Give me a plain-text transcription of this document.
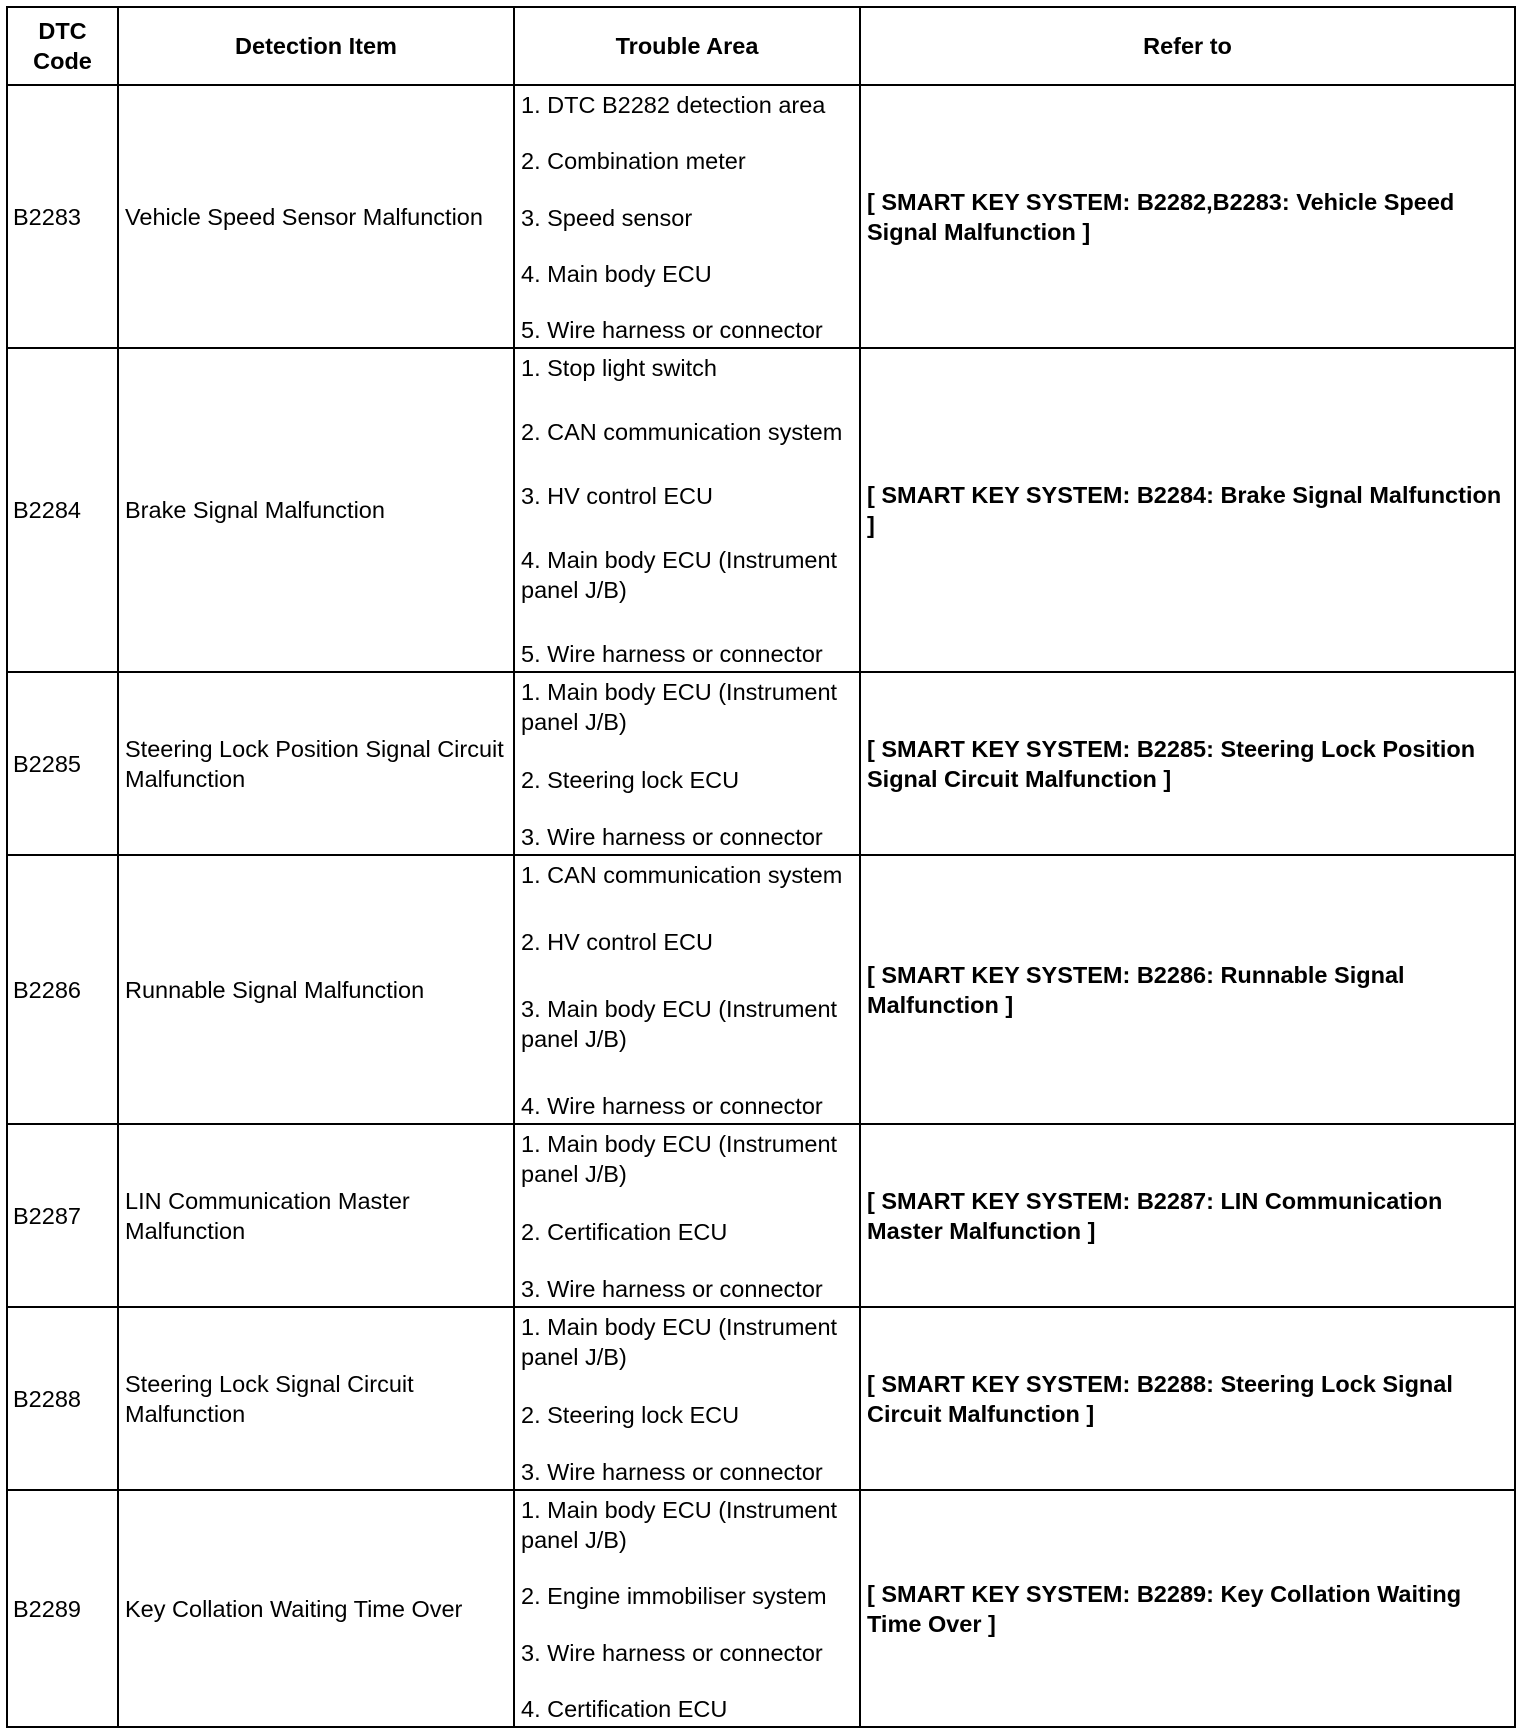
DTC Code	Detection Item	Trouble Area	Refer to
B2283	Vehicle Speed Sensor Malfunction	1. DTC B2282 detection area
2. Combination meter
3. Speed sensor
4. Main body ECU
5. Wire harness or connector	[ SMART KEY SYSTEM: B2282,B2283: Vehicle Speed Signal Malfunction ]
B2284	Brake Signal Malfunction	1. Stop light switch
2. CAN communication system
3. HV control ECU
4. Main body ECU (Instrument panel J/B)
5. Wire harness or connector	[ SMART KEY SYSTEM: B2284: Brake Signal Malfunction ]
B2285	Steering Lock Position Signal Circuit Malfunction	1. Main body ECU (Instrument panel J/B)
2. Steering lock ECU
3. Wire harness or connector	[ SMART KEY SYSTEM: B2285: Steering Lock Position Signal Circuit Malfunction ]
B2286	Runnable Signal Malfunction	1. CAN communication system
2. HV control ECU
3. Main body ECU (Instrument panel J/B)
4. Wire harness or connector	[ SMART KEY SYSTEM: B2286: Runnable Signal Malfunction ]
B2287	LIN Communication Master Malfunction	1. Main body ECU (Instrument panel J/B)
2. Certification ECU
3. Wire harness or connector	[ SMART KEY SYSTEM: B2287: LIN Communication Master Malfunction ]
B2288	Steering Lock Signal Circuit Malfunction	1. Main body ECU (Instrument panel J/B)
2. Steering lock ECU
3. Wire harness or connector	[ SMART KEY SYSTEM: B2288: Steering Lock Signal Circuit Malfunction ]
B2289	Key Collation Waiting Time Over	1. Main body ECU (Instrument panel J/B)
2. Engine immobiliser system
3. Wire harness or connector
4. Certification ECU	[ SMART KEY SYSTEM: B2289: Key Collation Waiting Time Over ]
